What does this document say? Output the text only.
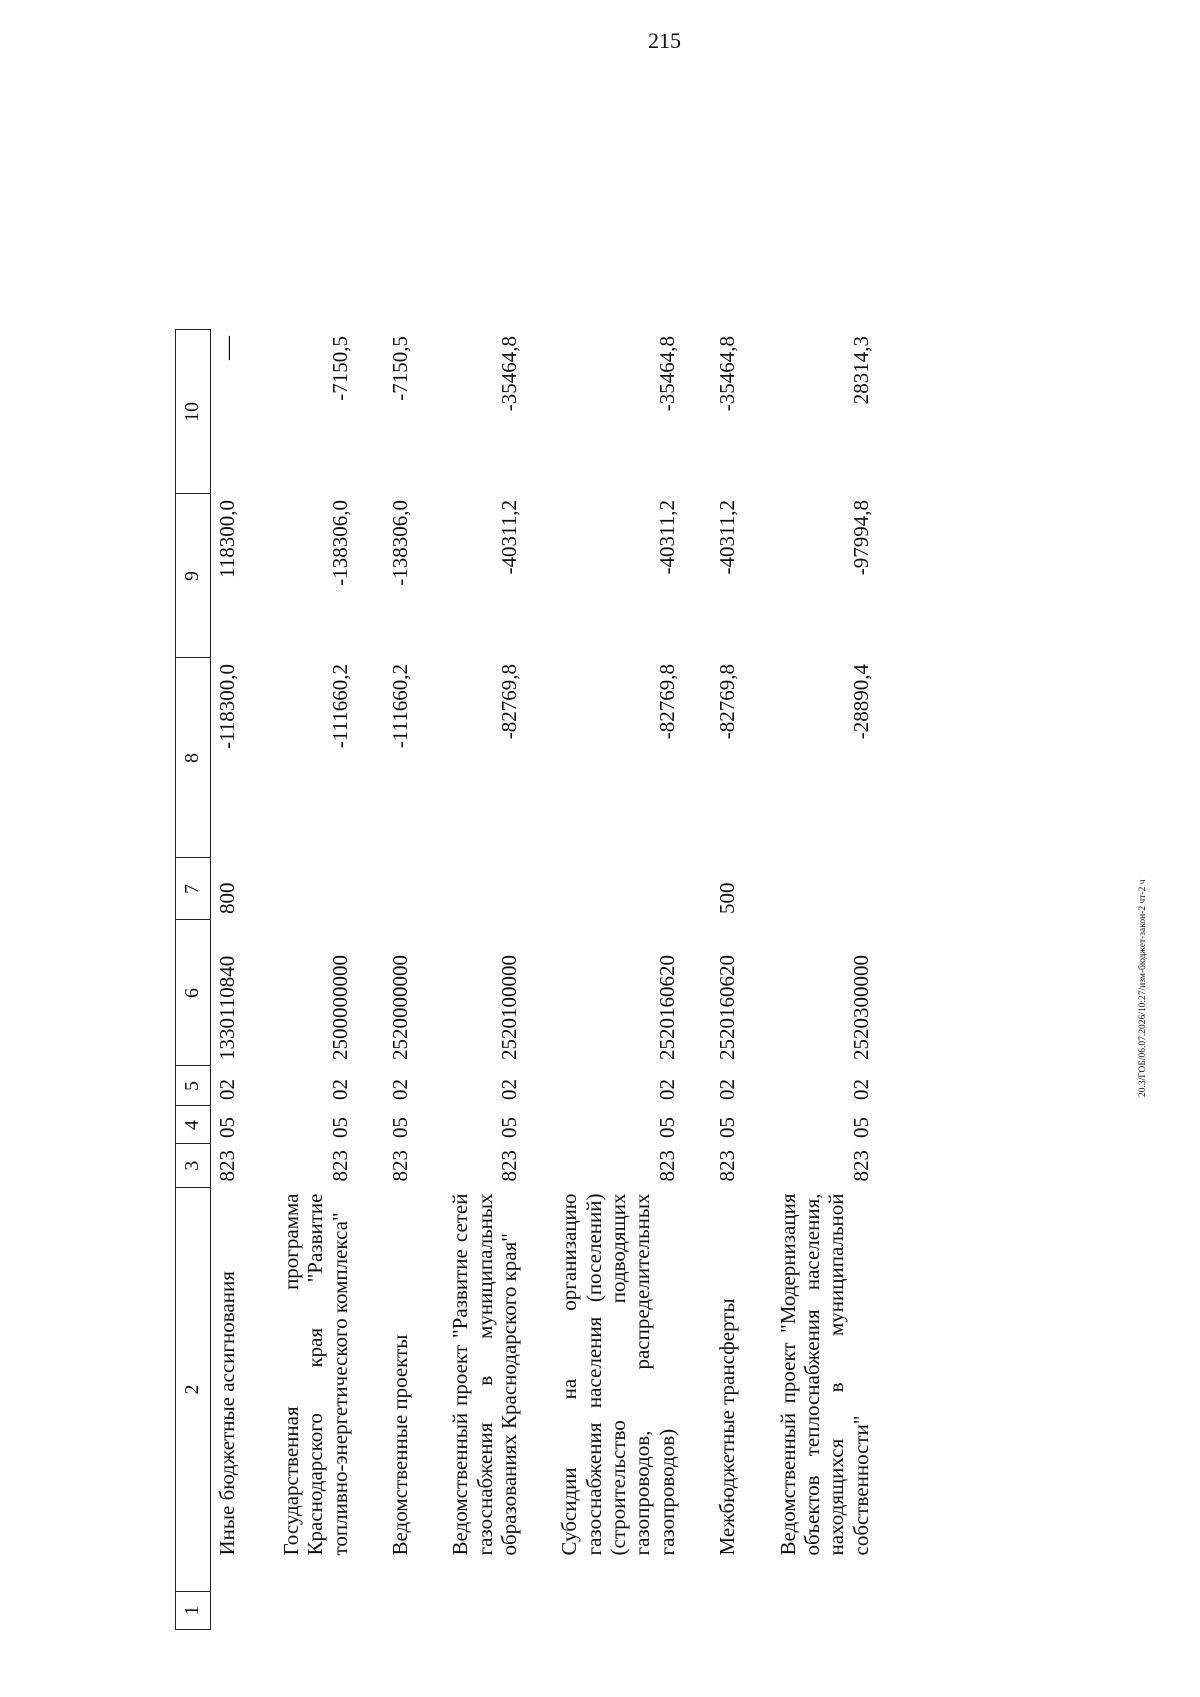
215
20.3/ГОБ/06.07.2026/10:27/изм-бюджет-закон-2 чт-2 ч
1	2	3	4	5	6	7	8	9	10
	Иные бюджетные ассигнования	823	05	02	1330110840	800	-118300,0	118300,0	—
	Государственная программа Краснодарского края "Развитие топливно-энергетического комплекса"	823	05	02	2500000000		-111660,2	-138306,0	-7150,5
	Ведомственные проекты	823	05	02	2520000000		-111660,2	-138306,0	-7150,5
	Ведомственный проект "Развитие сетей газоснабжения в муниципальных образованиях Краснодарского края"	823	05	02	2520100000		-82769,8	-40311,2	-35464,8
	Субсидии на организацию газоснабжения населения (поселений) (строительство подводящих газопроводов, распределительных газопроводов)	823	05	02	2520160620		-82769,8	-40311,2	-35464,8
	Межбюджетные трансферты	823	05	02	2520160620	500	-82769,8	-40311,2	-35464,8
	Ведомственный проект "Модернизация объектов теплоснабжения населения, находящихся в муниципальной собственности"	823	05	02	2520300000		-28890,4	-97994,8	28314,3
